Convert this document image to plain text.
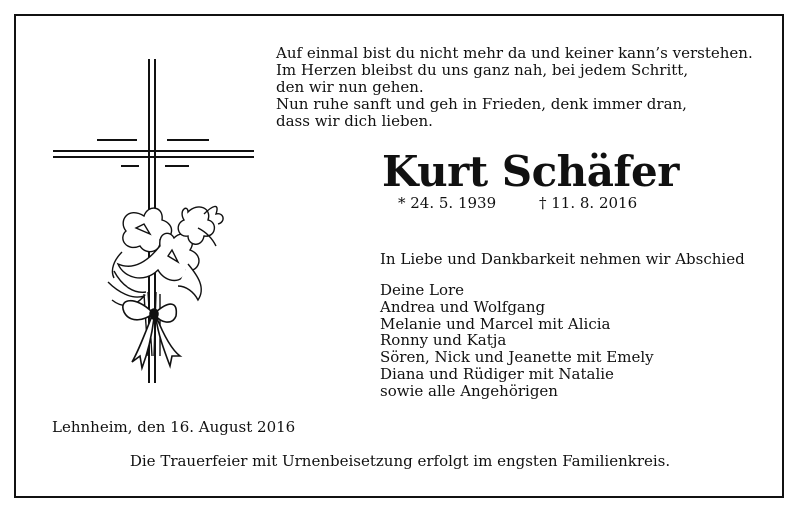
Auf einmal bist du nicht mehr da und keiner kann’s verstehen.
Im Herzen bleibst du uns ganz nah, bei jedem Schritt,
den wir nun gehen.
Nun ruhe sanft und geh in Frieden, denk immer dran,
dass wir dich lieben.
Kurt Schäfer
* 24. 5. 1939	† 11. 8. 2016
In Liebe und Dankbarkeit nehmen wir Abschied
Deine Lore
Andrea und Wolfgang
Melanie und Marcel mit Alicia
Ronny und Katja
Sören, Nick und Jeanette mit Emely
Diana und Rüdiger mit Natalie
sowie alle Angehörigen
Lehnheim, den 16. August 2016
Die Trauerfeier mit Urnenbeisetzung erfolgt im engsten Familienkreis.
